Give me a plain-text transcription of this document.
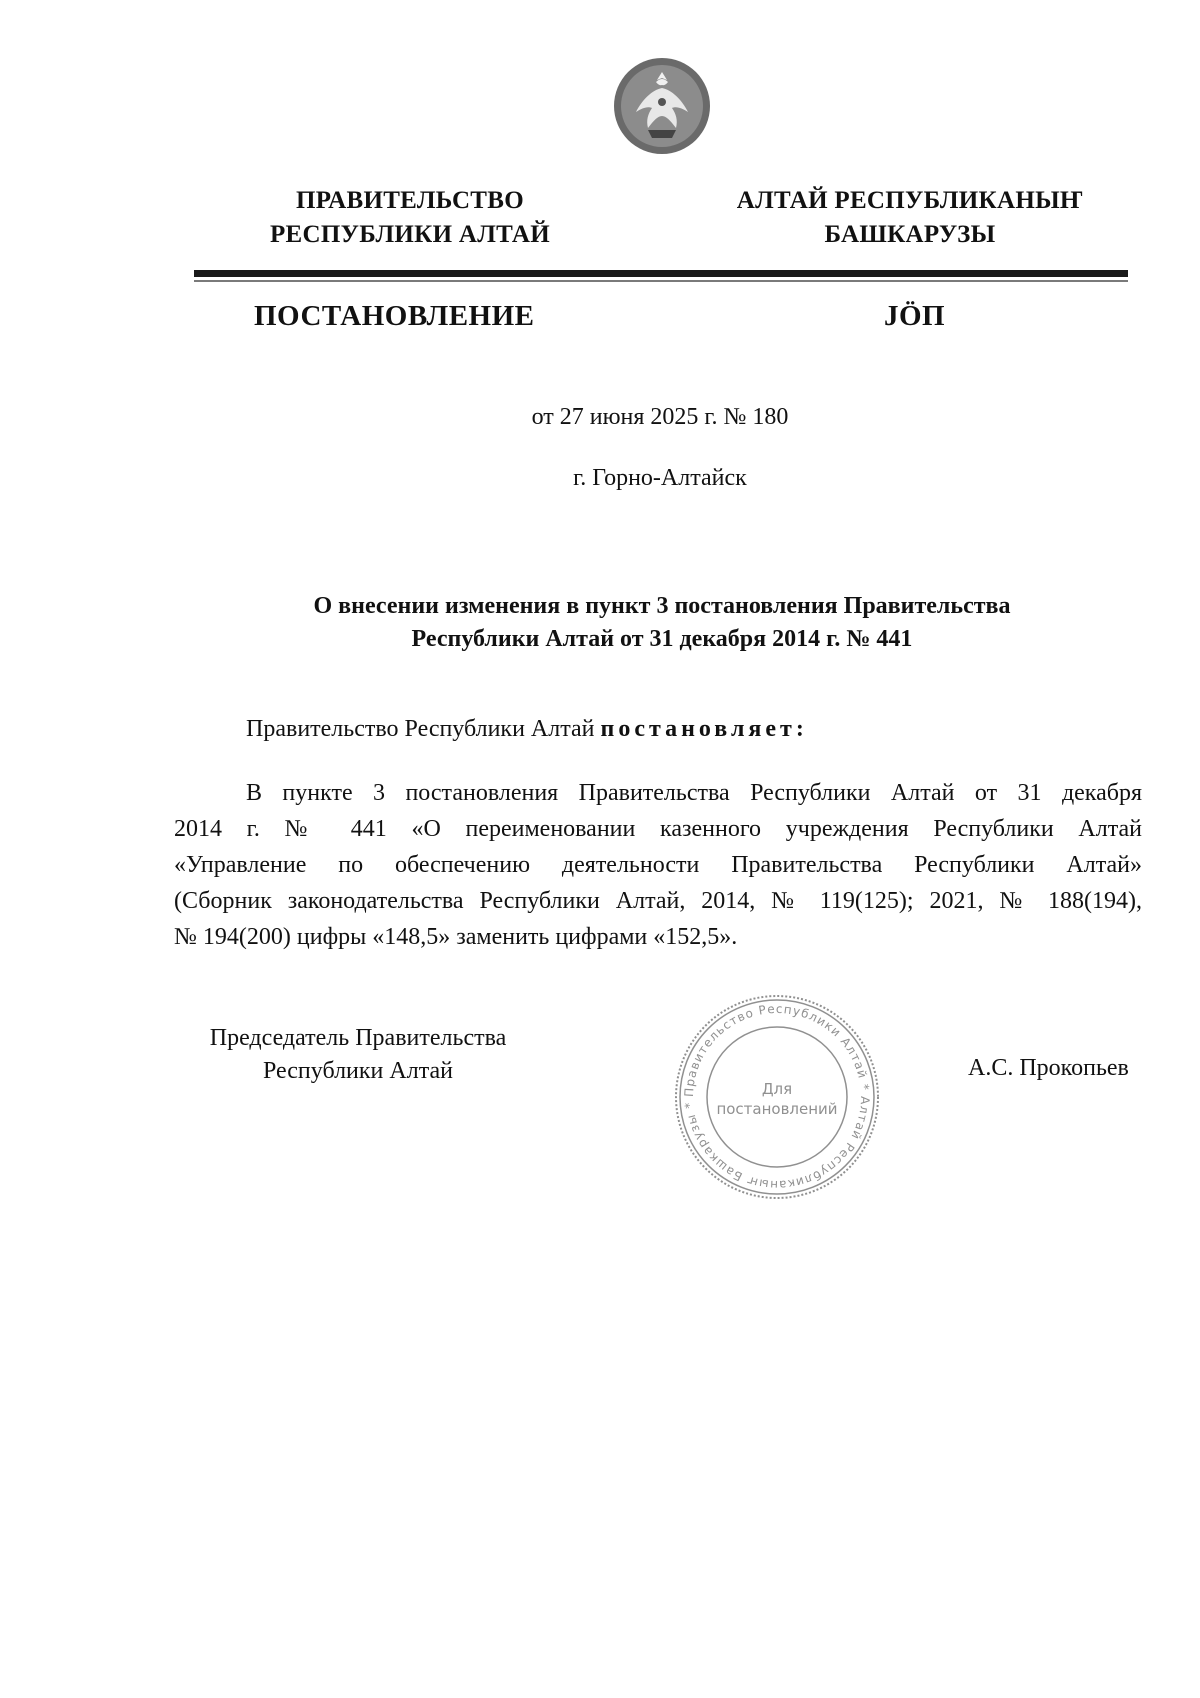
ПРАВИТЕЛЬСТВО
РЕСПУБЛИКИ АЛТАЙ
АЛТАЙ РЕСПУБЛИКАНЫҤ
БАШКАРУЗЫ
ПОСТАНОВЛЕНИЕ	JӦП
от 27 июня 2025 г. № 180
г. Горно-Алтайск
О внесении изменения в пункт 3 постановления Правительства
Республики Алтай от 31 декабря 2014 г. № 441
Правительство Республики Алтай постановляет:
В пункте 3 постановления Правительства Республики Алтай от 31 декабря
2014 г. № 441 «О переименовании казенного учреждения Республики Алтай
«Управление по обеспечению деятельности Правительства Республики Алтай»
(Сборник законодательства Республики Алтай, 2014, № 119(125); 2021, № 188(194),
№ 194(200) цифры «148,5» заменить цифрами «152,5».
Председатель Правительства
Республики Алтай
Правительство Республики Алтай * Алтай Республиканыҥ Башкарузы *
Для
постановлений
А.С. Прокопьев
